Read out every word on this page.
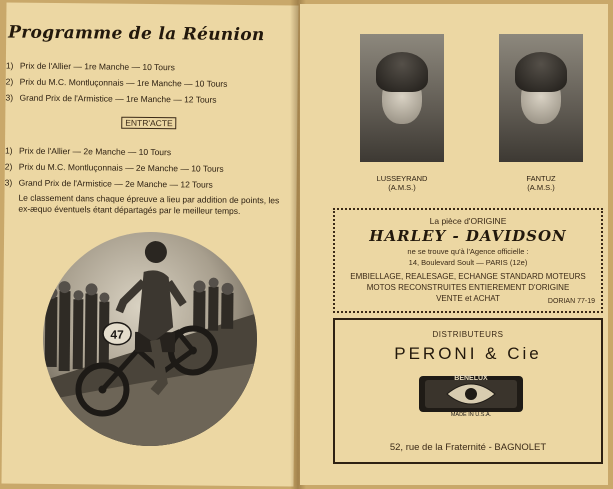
Programme de la Réunion
1) Prix de l'Allier — 1re Manche — 10 Tours
2) Prix du M.C. Montluçonnais — 1re Manche — 10 Tours
3) Grand Prix de l'Armistice — 1re Manche — 12 Tours
ENTR'ACTE
1) Prix de l'Allier — 2e Manche — 10 Tours
2) Prix du M.C. Montluçonnais — 2e Manche — 10 Tours
3) Grand Prix de l'Armistice — 2e Manche — 12 Tours
Le classement dans chaque épreuve a lieu par addition de points, les ex-æquo éventuels étant départagés par le meilleur temps.
47
LUSSEYRAND
(A.M.S.)
FANTUZ
(A.M.S.)
La pièce d'ORIGINE
HARLEY - DAVIDSON
ne se trouve qu'à l'Agence officielle :
14, Boulevard Soult — PARIS (12e)
EMBIELLAGE, REALESAGE, ECHANGE STANDARD MOTEURS
MOTOS RECONSTRUITES ENTIEREMENT D'ORIGINE
VENTE et ACHAT	DORIAN 77-19
DISTRIBUTEURS
PERONI & Cie
BENELUX
MADE IN U.S.A.
52, rue de la Fraternité - BAGNOLET
